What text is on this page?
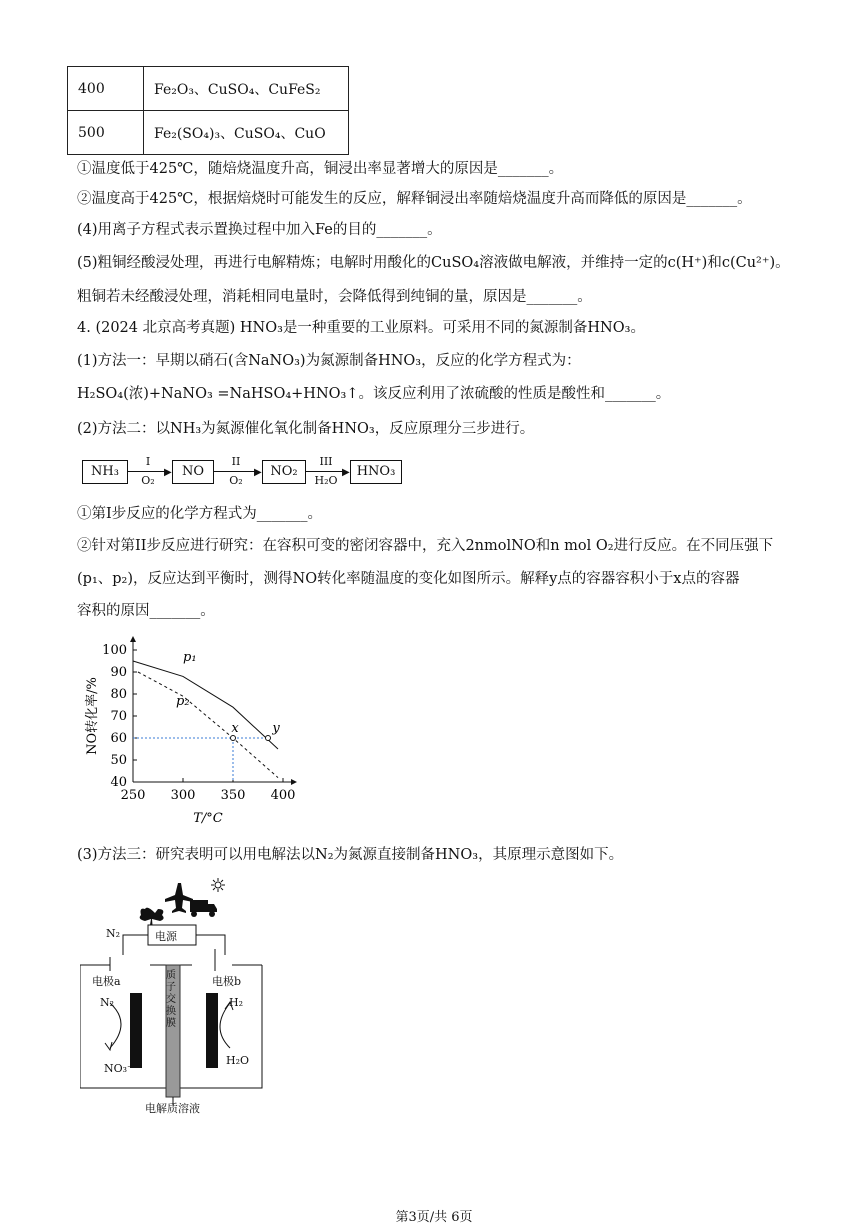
400	Fe₂O₃、CuSO₄、CuFeS₂
500	Fe₂(SO₄)₃、CuSO₄、CuO
①温度低于425℃，随焙烧温度升高，铜浸出率显著增大的原因是_______。
②温度高于425℃，根据焙烧时可能发生的反应，解释铜浸出率随焙烧温度升高而降低的原因是_______。
(4)用离子方程式表示置换过程中加入Fe的目的_______。
(5)粗铜经酸浸处理，再进行电解精炼；电解时用酸化的CuSO₄溶液做电解液，并维持一定的c(H⁺)和c(Cu²⁺)。
粗铜若未经酸浸处理，消耗相同电量时，会降低得到纯铜的量，原因是_______。
4. (2024 北京高考真题) HNO₃是一种重要的工业原料。可采用不同的氮源制备HNO₃。
(1)方法一：早期以硝石(含NaNO₃)为氮源制备HNO₃，反应的化学方程式为：
H₂SO₄(浓)+NaNO₃ =NaHSO₄+HNO₃↑。该反应利用了浓硫酸的性质是酸性和_______。
(2)方法二：以NH₃为氮源催化氧化制备HNO₃，反应原理分三步进行。
NH₃
I
▶
O₂
NO
II
▶
O₂
NO₂
III
▶
H₂O
HNO₃
①第I步反应的化学方程式为_______。
②针对第II步反应进行研究：在容积可变的密闭容器中，充入2nmolNO和n mol O₂进行反应。在不同压强下
(p₁、p₂)，反应达到平衡时，测得NO转化率随温度的变化如图所示。解释y点的容器容积小于x点的容器
容积的原因_______。
250 300 350 400
40
50
60
70
80
90
100
T/°C
NO转化率/%
p₁
p₂
x	y
(3)方法三：研究表明可以用电解法以N₂为氮源直接制备HNO₃，其原理示意图如下。
电源
N₂
电极a	电极b
N₂
NO₃⁻
H₂
H₂O
质子交换膜
电解质溶液
第3页/共 6页
